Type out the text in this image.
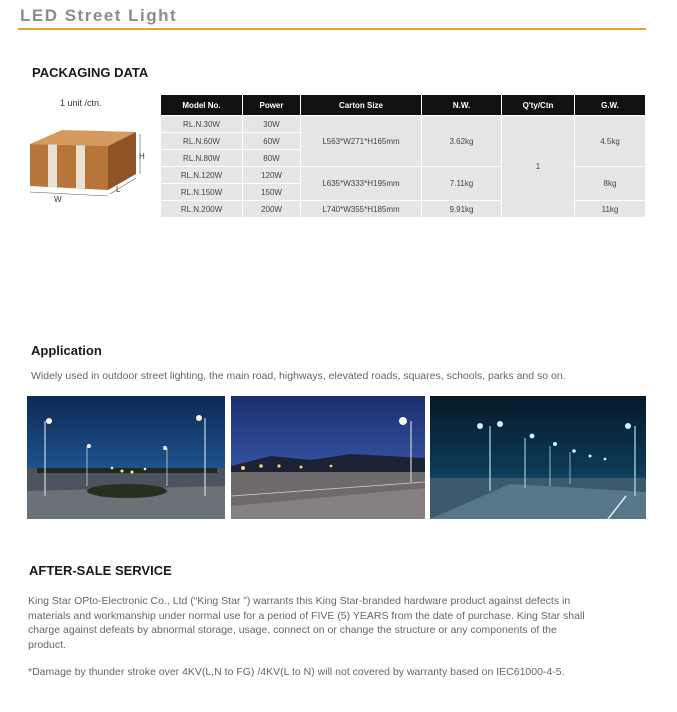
LED Street Light
PACKAGING DATA
1 unit /ctn.
H
W
L
Model No.	Power	Carton Size	N.W.	Q'ty/Ctn	G.W.
RL.N.30W	30W	L563*W271*H165mm	3.62kg	1	4.5kg
RL.N.60W	60W				
RL.N.80W	80W				
RL.N.120W	120W	L635*W333*H195mm	7.11kg		8kg
RL.N.150W	150W				
RL.N.200W	200W	L740*W355*H185mm	9.91kg		11kg
Application
Widely used in outdoor street lighting, the main road, highways, elevated roads, squares, schools, parks and so on.
AFTER-SALE SERVICE
King Star OPto-Electronic Co., Ltd (“King Star ”) warrants this King Star-branded hardware product against defects in materials and workmanship under normal use for a period of FIVE (5) YEARS from the date of purchase. King Star shall charge against defeats by abnormal storage, usage, connect on or change the structure or any components of the product.
*Damage by thunder stroke over 4KV(L,N to FG) /4KV(L to N) will not covered by warranty based on IEC61000-4-5.
